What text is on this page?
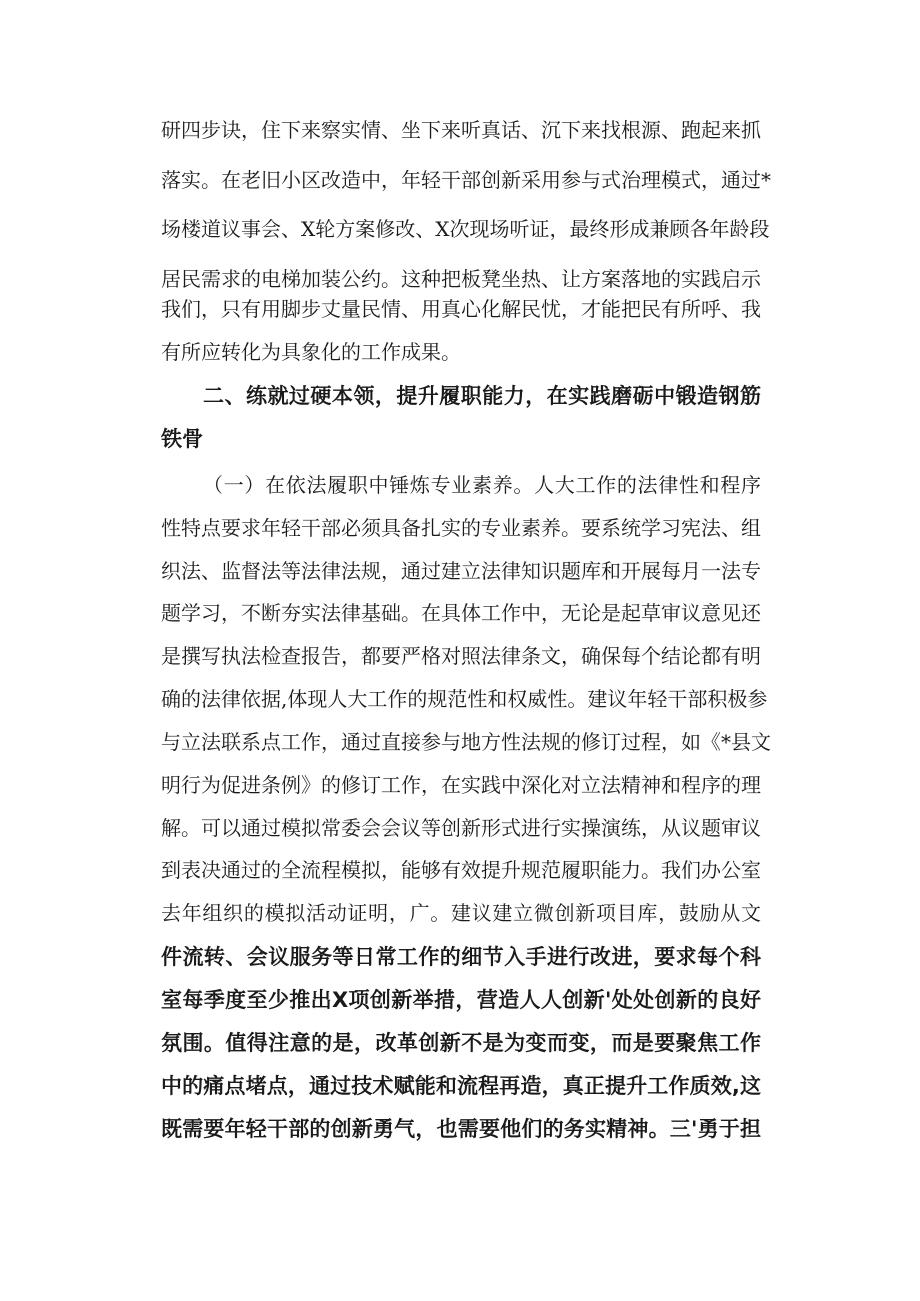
研四步诀，住下来察实情、坐下来听真话、沉下来找根源、跑起来抓
落实。在老旧小区改造中，年轻干部创新采用参与式治理模式，通过*
场楼道议事会、X轮方案修改、X次现场听证，最终形成兼顾各年龄段
居民需求的电梯加装公约。这种把板凳坐热、让方案落地的实践启示
我们，只有用脚步丈量民情、用真心化解民忧，才能把民有所呼、我
有所应转化为具象化的工作成果。
二、练就过硬本领，提升履职能力，在实践磨砺中锻造钢筋
铁骨
（一）在依法履职中锤炼专业素养。人大工作的法律性和程序
性特点要求年轻干部必须具备扎实的专业素养。要系统学习宪法、组
织法、监督法等法律法规，通过建立法律知识题库和开展每月一法专
题学习，不断夯实法律基础。在具体工作中，无论是起草审议意见还
是撰写执法检查报告，都要严格对照法律条文，确保每个结论都有明
确的法律依据,体现人大工作的规范性和权威性。建议年轻干部积极参
与立法联系点工作，通过直接参与地方性法规的修订过程，如《*县文
明行为促进条例》的修订工作，在实践中深化对立法精神和程序的理
解。可以通过模拟常委会会议等创新形式进行实操演练，从议题审议
到表决通过的全流程模拟，能够有效提升规范履职能力。我们办公室
去年组织的模拟活动证明，广。建议建立微创新项目库，鼓励从文
件流转、会议服务等日常工作的细节入手进行改进，要求每个科
室每季度至少推出X项创新举措，营造人人创新'处处创新的良好
氛围。值得注意的是，改革创新不是为变而变，而是要聚焦工作
中的痛点堵点，通过技术赋能和流程再造，真正提升工作质效,这
既需要年轻干部的创新勇气，也需要他们的务实精神。三'勇于担
